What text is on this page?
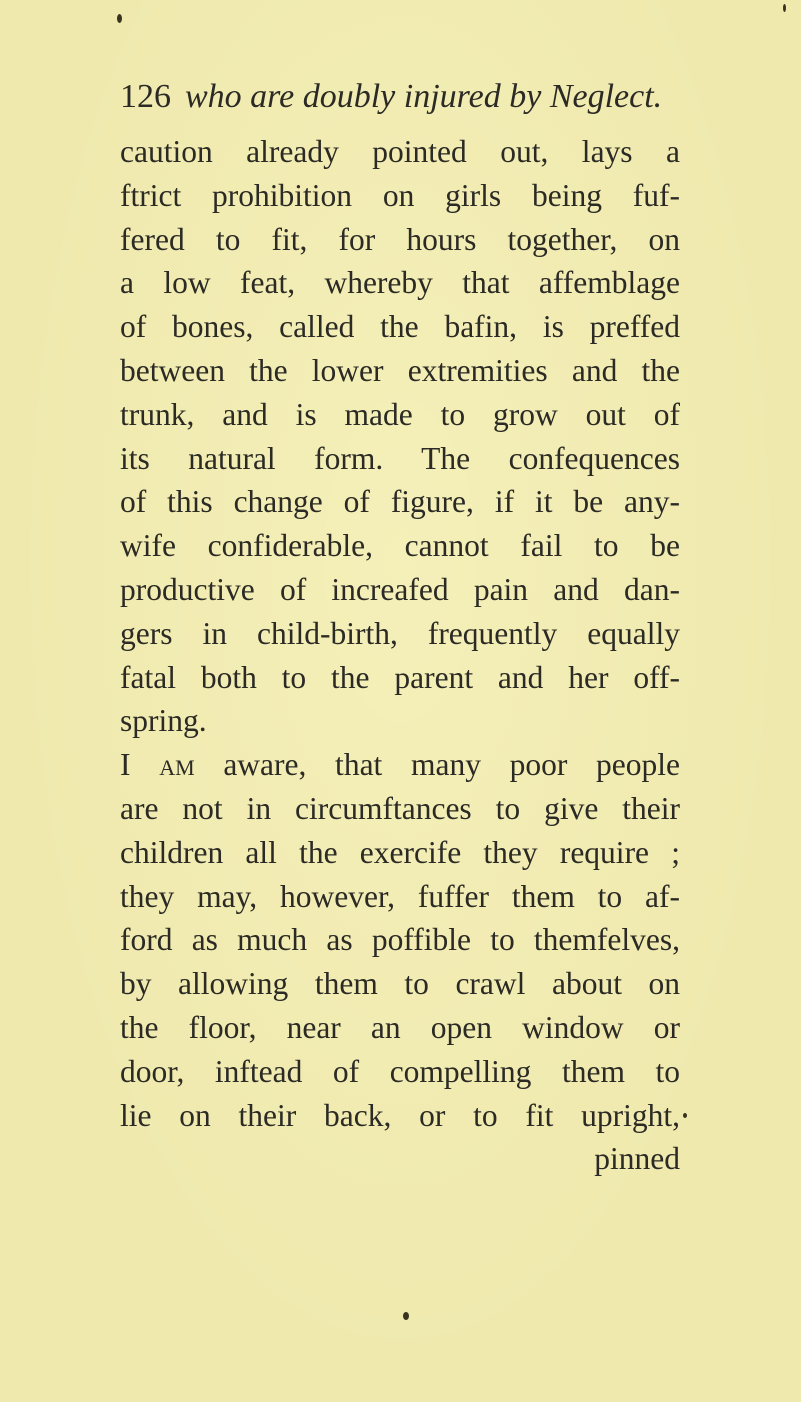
126 who are doubly injured by Neglect.
caution already pointed out, lays a
ftrict prohibition on girls being fuf-
fered to fit, for hours together, on
a low feat, whereby that affemblage
of bones, called the bafin, is preffed
between the lower extremities and the
trunk, and is made to grow out of
its natural form. The confequences
of this change of figure, if it be any-
wife confiderable, cannot fail to be
productive of increafed pain and dan-
gers in child-birth, frequently equally
fatal both to the parent and her off-
spring.
I am aware, that many poor people
are not in circumftances to give their
children all the exercife they require ;
they may, however, fuffer them to af-
ford as much as poffible to themfelves,
by allowing them to crawl about on
the floor, near an open window or
door, inftead of compelling them to
lie on their back, or to fit upright,
pinned
